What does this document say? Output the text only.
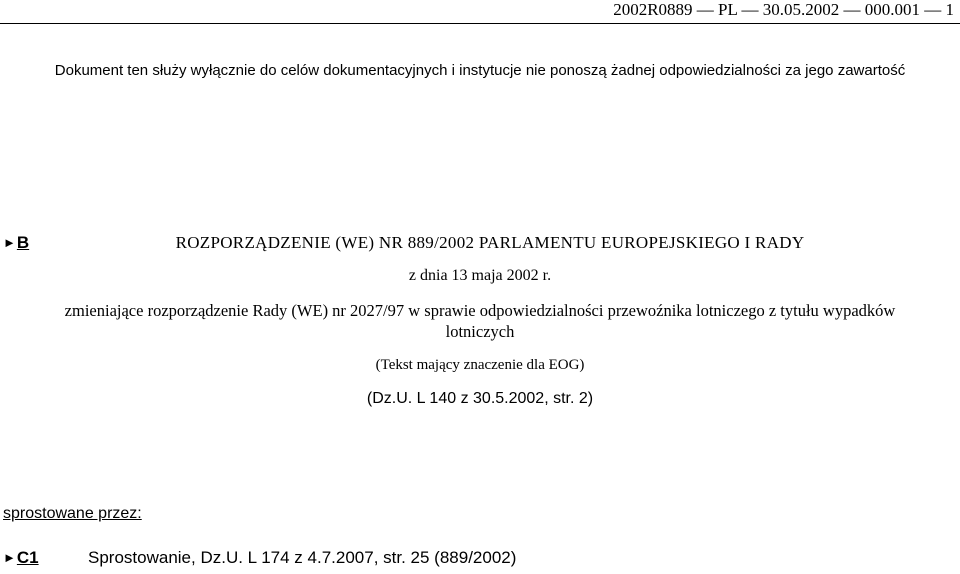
2002R0889 — PL — 30.05.2002 — 000.001 — 1
Dokument ten służy wyłącznie do celów dokumentacyjnych i instytucje nie ponoszą żadnej odpowiedzialności za jego zawartość
►B	ROZPORZĄDZENIE (WE) NR 889/2002 PARLAMENTU EUROPEJSKIEGO I RADY
z dnia 13 maja 2002 r.
zmieniające rozporządzenie Rady (WE) nr 2027/97 w sprawie odpowiedzialności przewoźnika lotniczego z tytułu wypadków lotniczych
(Tekst mający znaczenie dla EOG)
(Dz.U. L 140 z 30.5.2002, str. 2)
sprostowane przez:
►C1	Sprostowanie, Dz.U. L 174 z 4.7.2007, str. 25 (889/2002)
